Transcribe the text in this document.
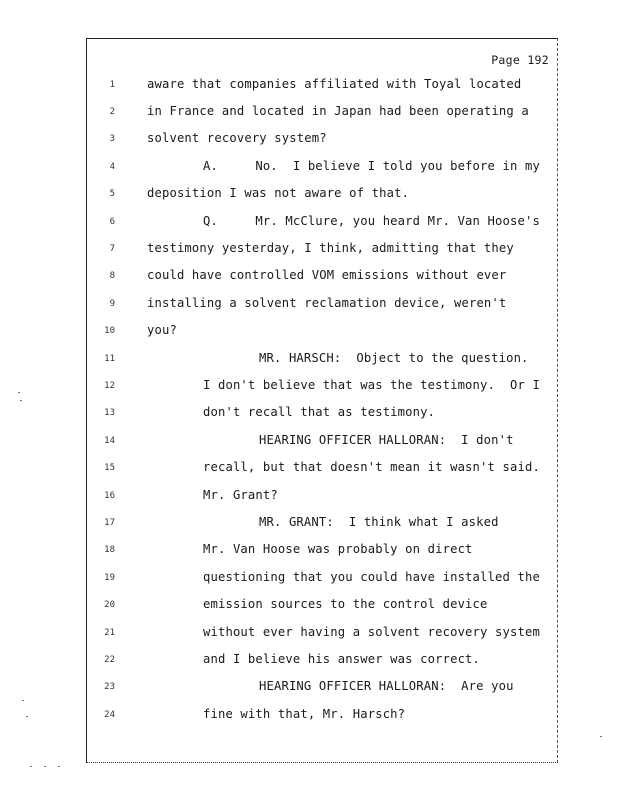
Page 192
1	aware that companies affiliated with Toyal located
2	in France and located in Japan had been operating a
3	solvent recovery system?
4	A.     No.  I believe I told you before in my
5	deposition I was not aware of that.
6	Q.     Mr. McClure, you heard Mr. Van Hoose's
7	testimony yesterday, I think, admitting that they
8	could have controlled VOM emissions without ever
9	installing a solvent reclamation device, weren't
10	you?
11	MR. HARSCH:  Object to the question.
12	I don't believe that was the testimony.  Or I
13	don't recall that as testimony.
14	HEARING OFFICER HALLORAN:  I don't
15	recall, but that doesn't mean it wasn't said.
16	Mr. Grant?
17	MR. GRANT:  I think what I asked
18	Mr. Van Hoose was probably on direct
19	questioning that you could have installed the
20	emission sources to the control device
21	without ever having a solvent recovery system
22	and I believe his answer was correct.
23	HEARING OFFICER HALLORAN:  Are you
24	fine with that, Mr. Harsch?
